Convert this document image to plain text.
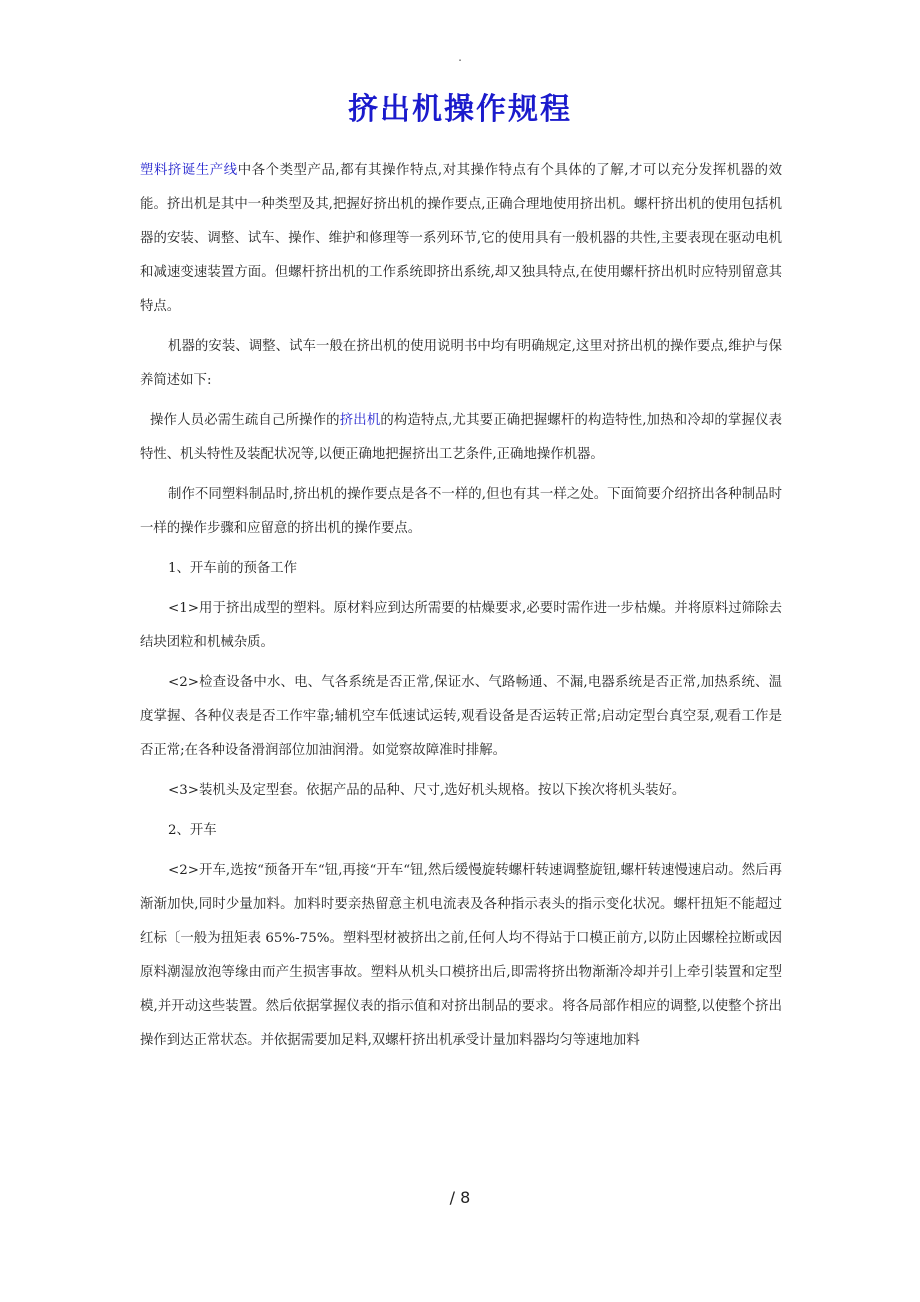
.
挤出机操作规程

塑料挤诞生产线中各个类型产品,都有其操作特点,对其操作特点有个具体的了解,才可以充分发挥机器的效能。挤出机是其中一种类型及其,把握好挤出机的操作要点,正确合理地使用挤出机。螺杆挤出机的使用包括机器的安装、调整、试车、操作、维护和修理等一系列环节,它的使用具有一般机器的共性,主要表现在驱动电机和减速变速装置方面。但螺杆挤出机的工作系统即挤出系统,却又独具特点,在使用螺杆挤出机时应特别留意其特点。

机器的安装、调整、试车一般在挤出机的使用说明书中均有明确规定,这里对挤出机的操作要点,维护与保养简述如下:

操作人员必需生疏自己所操作的挤出机的构造特点,尤其要正确把握螺杆的构造特性,加热和冷却的掌握仪表特性、机头特性及装配状况等,以便正确地把握挤出工艺条件,正确地操作机器。

制作不同塑料制品时,挤出机的操作要点是各不一样的,但也有其一样之处。下面简要介绍挤出各种制品时一样的操作步骤和应留意的挤出机的操作要点。

1、开车前的预备工作

<1>用于挤出成型的塑料。原材料应到达所需要的枯燥要求,必要时需作进一步枯燥。并将原料过筛除去结块团粒和机械杂质。

<2>检查设备中水、电、气各系统是否正常,保证水、气路畅通、不漏,电器系统是否正常,加热系统、温度掌握、各种仪表是否工作牢靠;辅机空车低速试运转,观看设备是否运转正常;启动定型台真空泵,观看工作是否正常;在各种设备滑润部位加油润滑。如觉察故障准时排解。

<3>装机头及定型套。依据产品的品种、尺寸,选好机头规格。按以下挨次将机头装好。

2、开车

<2>开车,选按“预备开车“钮,再接“开车“钮,然后缓慢旋转螺杆转速调整旋钮,螺杆转速慢速启动。然后再渐渐加快,同时少量加料。加料时要亲热留意主机电流表及各种指示表头的指示变化状况。螺杆扭矩不能超过红标〔一般为扭矩表 65%-75%。塑料型材被挤出之前,任何人均不得站于口模正前方,以防止因螺栓拉断或因原料潮湿放泡等缘由而产生损害事故。塑料从机头口模挤出后,即需将挤出物渐渐冷却并引上牵引装置和定型模,并开动这些装置。然后依据掌握仪表的指示值和对挤出制品的要求。将各局部作相应的调整,以使整个挤出操作到达正常状态。并依据需要加足料,双螺杆挤出机承受计量加料器均匀等速地加料

/ 8
